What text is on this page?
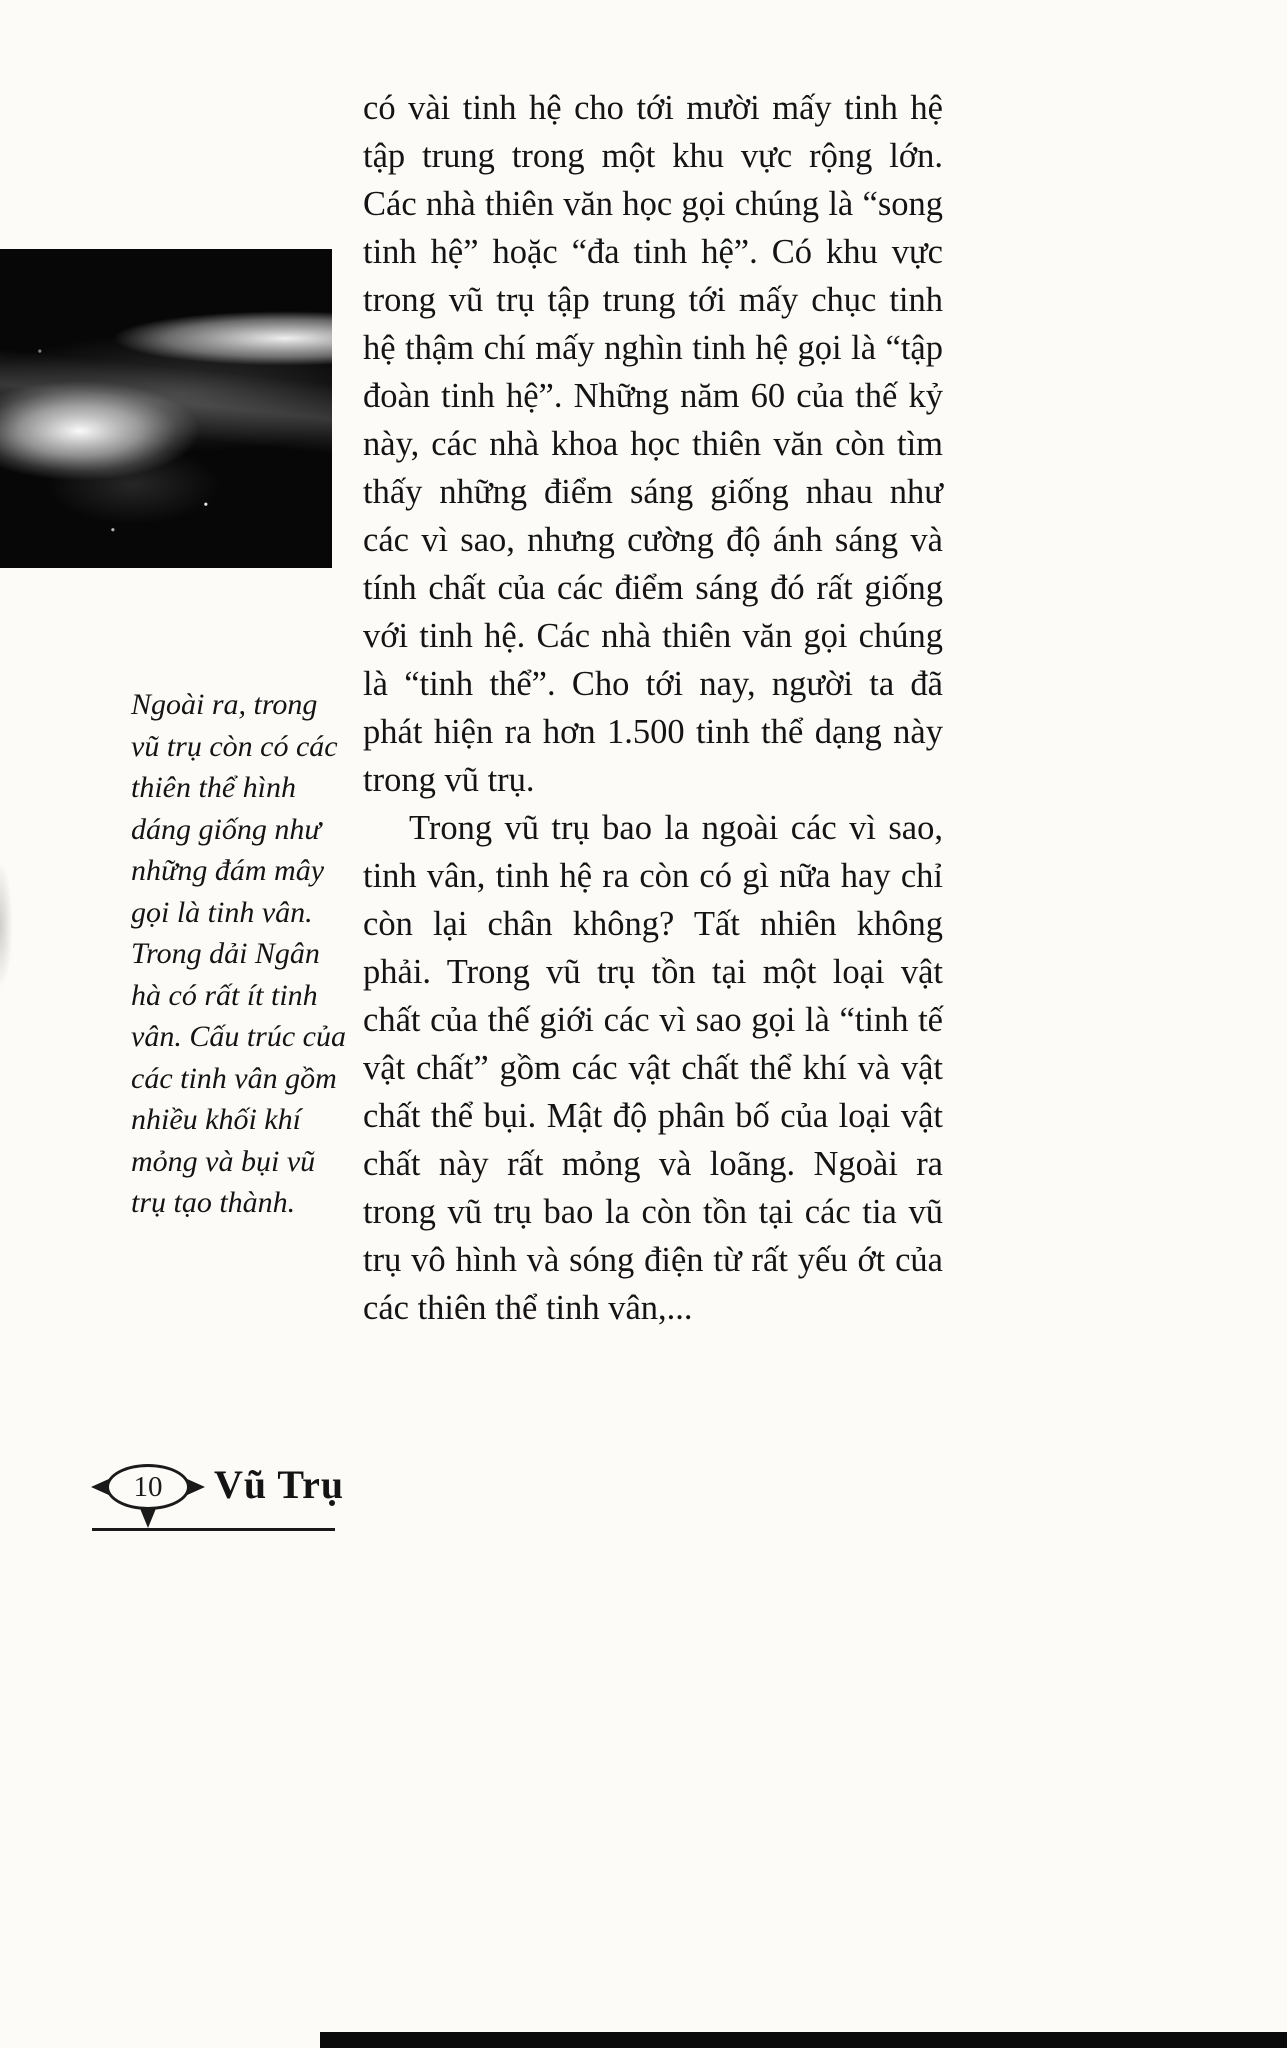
Ngoài ra, trong vũ trụ còn có các thiên thể hình dáng giống như những đám mây gọi là tinh vân. Trong dải Ngân hà có rất ít tinh vân. Cấu trúc của các tinh vân gồm nhiều khối khí mỏng và bụi vũ trụ tạo thành.

có vài tinh hệ cho tới mười mấy tinh hệ tập trung trong một khu vực rộng lớn. Các nhà thiên văn học gọi chúng là “song tinh hệ” hoặc “đa tinh hệ”. Có khu vực trong vũ trụ tập trung tới mấy chục tinh hệ thậm chí mấy nghìn tinh hệ gọi là “tập đoàn tinh hệ”. Những năm 60 của thế kỷ này, các nhà khoa học thiên văn còn tìm thấy những điểm sáng giống nhau như các vì sao, nhưng cường độ ánh sáng và tính chất của các điểm sáng đó rất giống với tinh hệ. Các nhà thiên văn gọi chúng là “tinh thể”. Cho tới nay, người ta đã phát hiện ra hơn 1.500 tinh thể dạng này trong vũ trụ.

Trong vũ trụ bao la ngoài các vì sao, tinh vân, tinh hệ ra còn có gì nữa hay chỉ còn lại chân không? Tất nhiên không phải. Trong vũ trụ tồn tại một loại vật chất của thế giới các vì sao gọi là “tinh tế vật chất” gồm các vật chất thể khí và vật chất thể bụi. Mật độ phân bố của loại vật chất này rất mỏng và loãng. Ngoài ra trong vũ trụ bao la còn tồn tại các tia vũ trụ vô hình và sóng điện từ rất yếu ớt của các thiên thể tinh vân,...

10	Vũ Trụ
